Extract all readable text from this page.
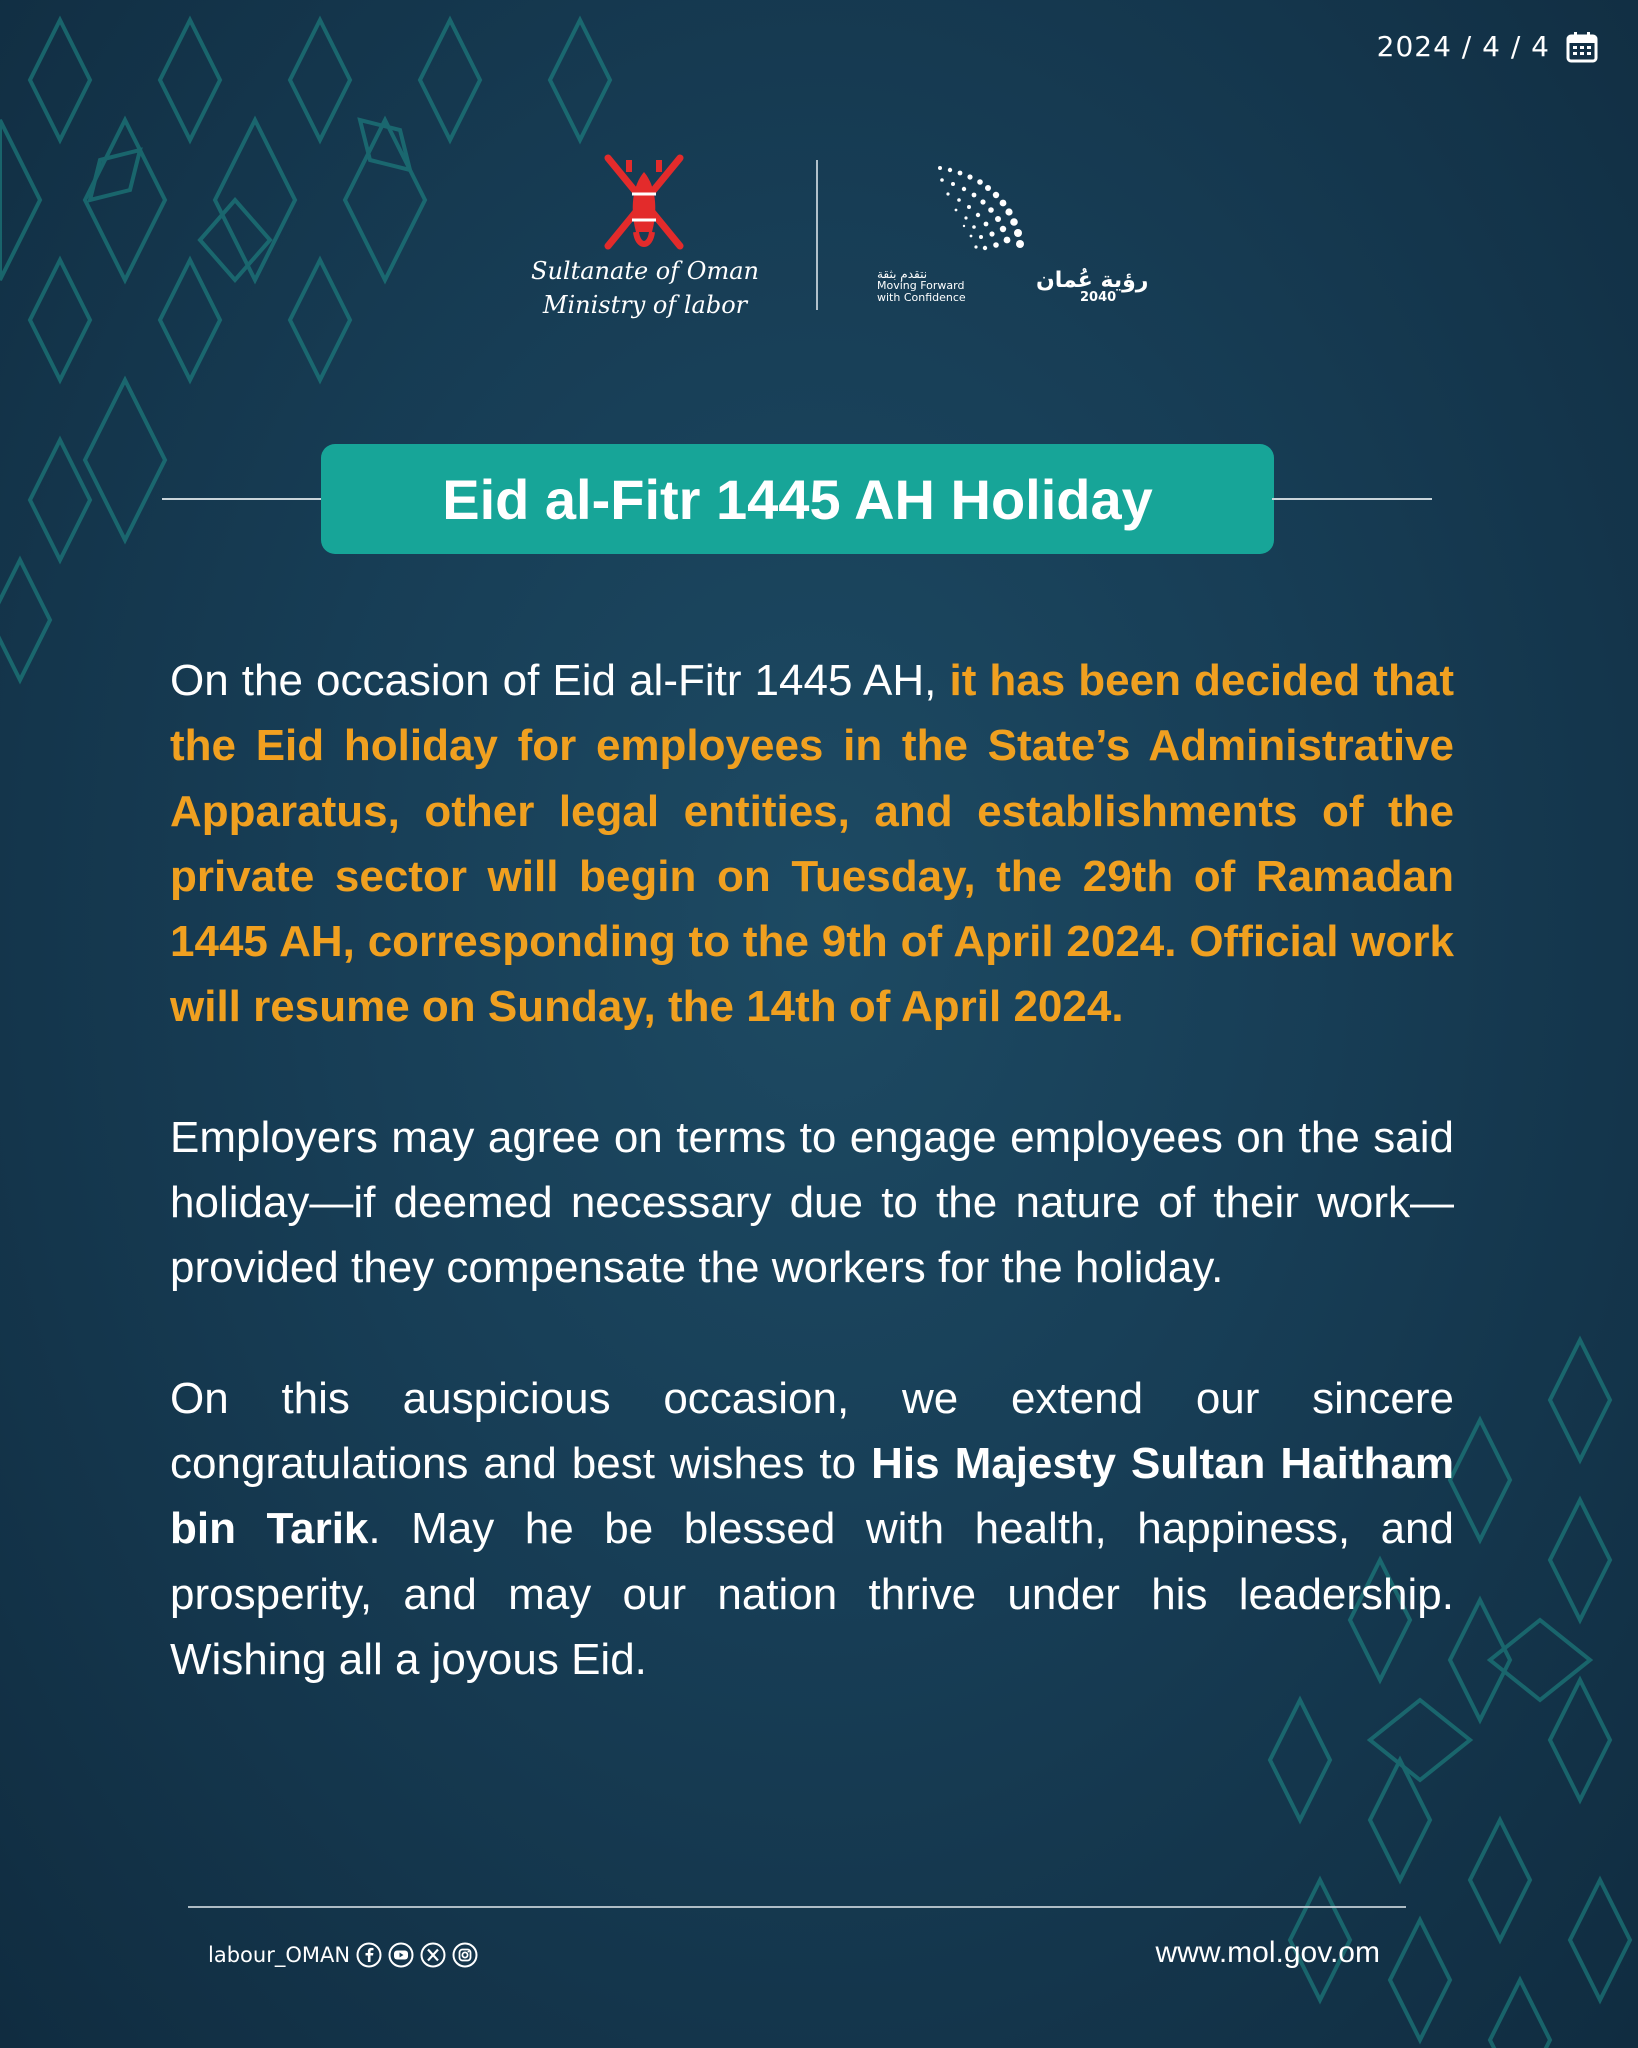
2024 / 4 / 4
Sultanate of Oman
Ministry of labor
نتقدم بثقة
Moving Forward
with Confidence
رؤية عُمان
2040
Eid al-Fitr 1445 AH Holiday

On the occasion of Eid al-Fitr 1445 AH, it has been decided that the Eid holiday for employees in the State’s Administrative Apparatus, other legal entities, and establishments of the private sector will begin on Tuesday, the 29th of Ramadan 1445 AH, corresponding to the 9th of April 2024. Official work will resume on Sunday, the 14th of April 2024.

Employers may agree on terms to engage employees on the said holiday—if deemed necessary due to the nature of their work—provided they compensate the workers for the holiday.

On this auspicious occasion, we extend our sincere congratulations and best wishes to His Majesty Sultan Haitham bin Tarik. May he be blessed with health, happiness, and prosperity, and may our nation thrive under his leadership. Wishing all a joyous Eid.

labour_OMAN	www.mol.gov.om
